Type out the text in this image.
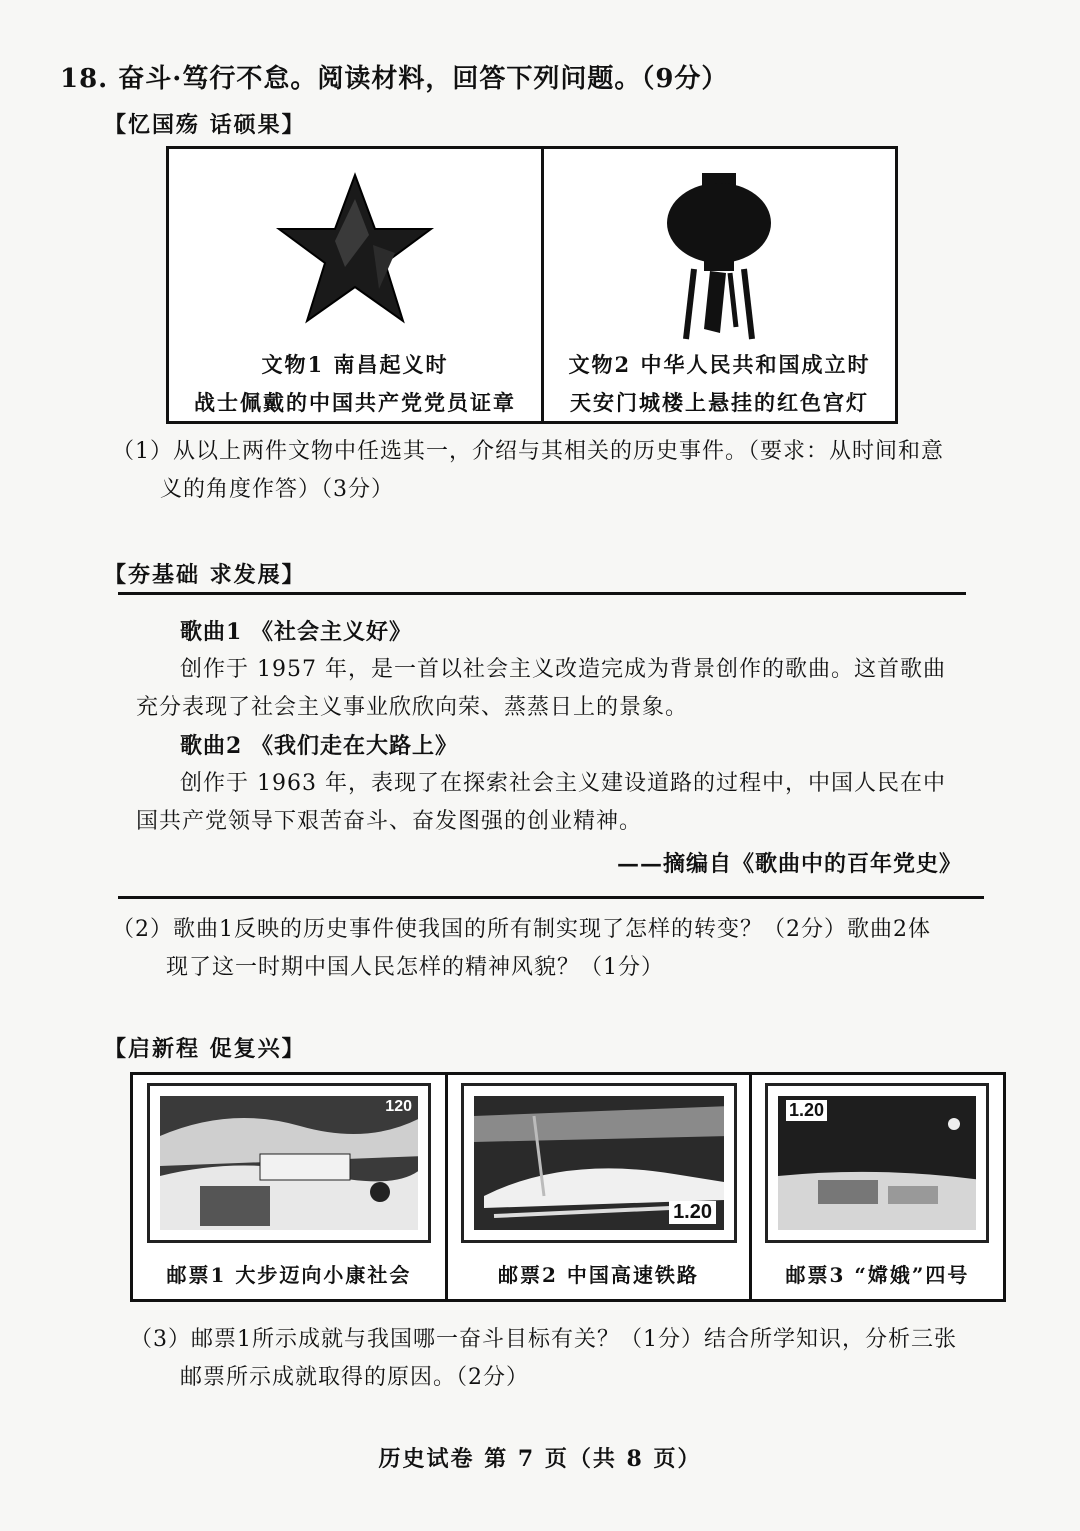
18. 奋斗·笃行不怠。阅读材料，回答下列问题。（9分）
【忆国殇 话硕果】
文物1 南昌起义时
战士佩戴的中国共产党党员证章
文物2 中华人民共和国成立时
天安门城楼上悬挂的红色宫灯
（1）从以上两件文物中任选其一，介绍与其相关的历史事件。（要求：从时间和意
义的角度作答）（3分）
【夯基础 求发展】
歌曲1 《社会主义好》
创作于 1957 年，是一首以社会主义改造完成为背景创作的歌曲。这首歌曲
充分表现了社会主义事业欣欣向荣、蒸蒸日上的景象。
歌曲2 《我们走在大路上》
创作于 1963 年，表现了在探索社会主义建设道路的过程中，中国人民在中
国共产党领导下艰苦奋斗、奋发图强的创业精神。
——摘编自《歌曲中的百年党史》
（2）歌曲1反映的历史事件使我国的所有制实现了怎样的转变？（2分）歌曲2体
现了这一时期中国人民怎样的精神风貌？（1分）
【启新程 促复兴】
120
邮票1 大步迈向小康社会
1.20
邮票2 中国高速铁路
1.20
邮票3 “嫦娥”四号
（3）邮票1所示成就与我国哪一奋斗目标有关？（1分）结合所学知识，分析三张
邮票所示成就取得的原因。（2分）
历史试卷 第 7 页（共 8 页）
